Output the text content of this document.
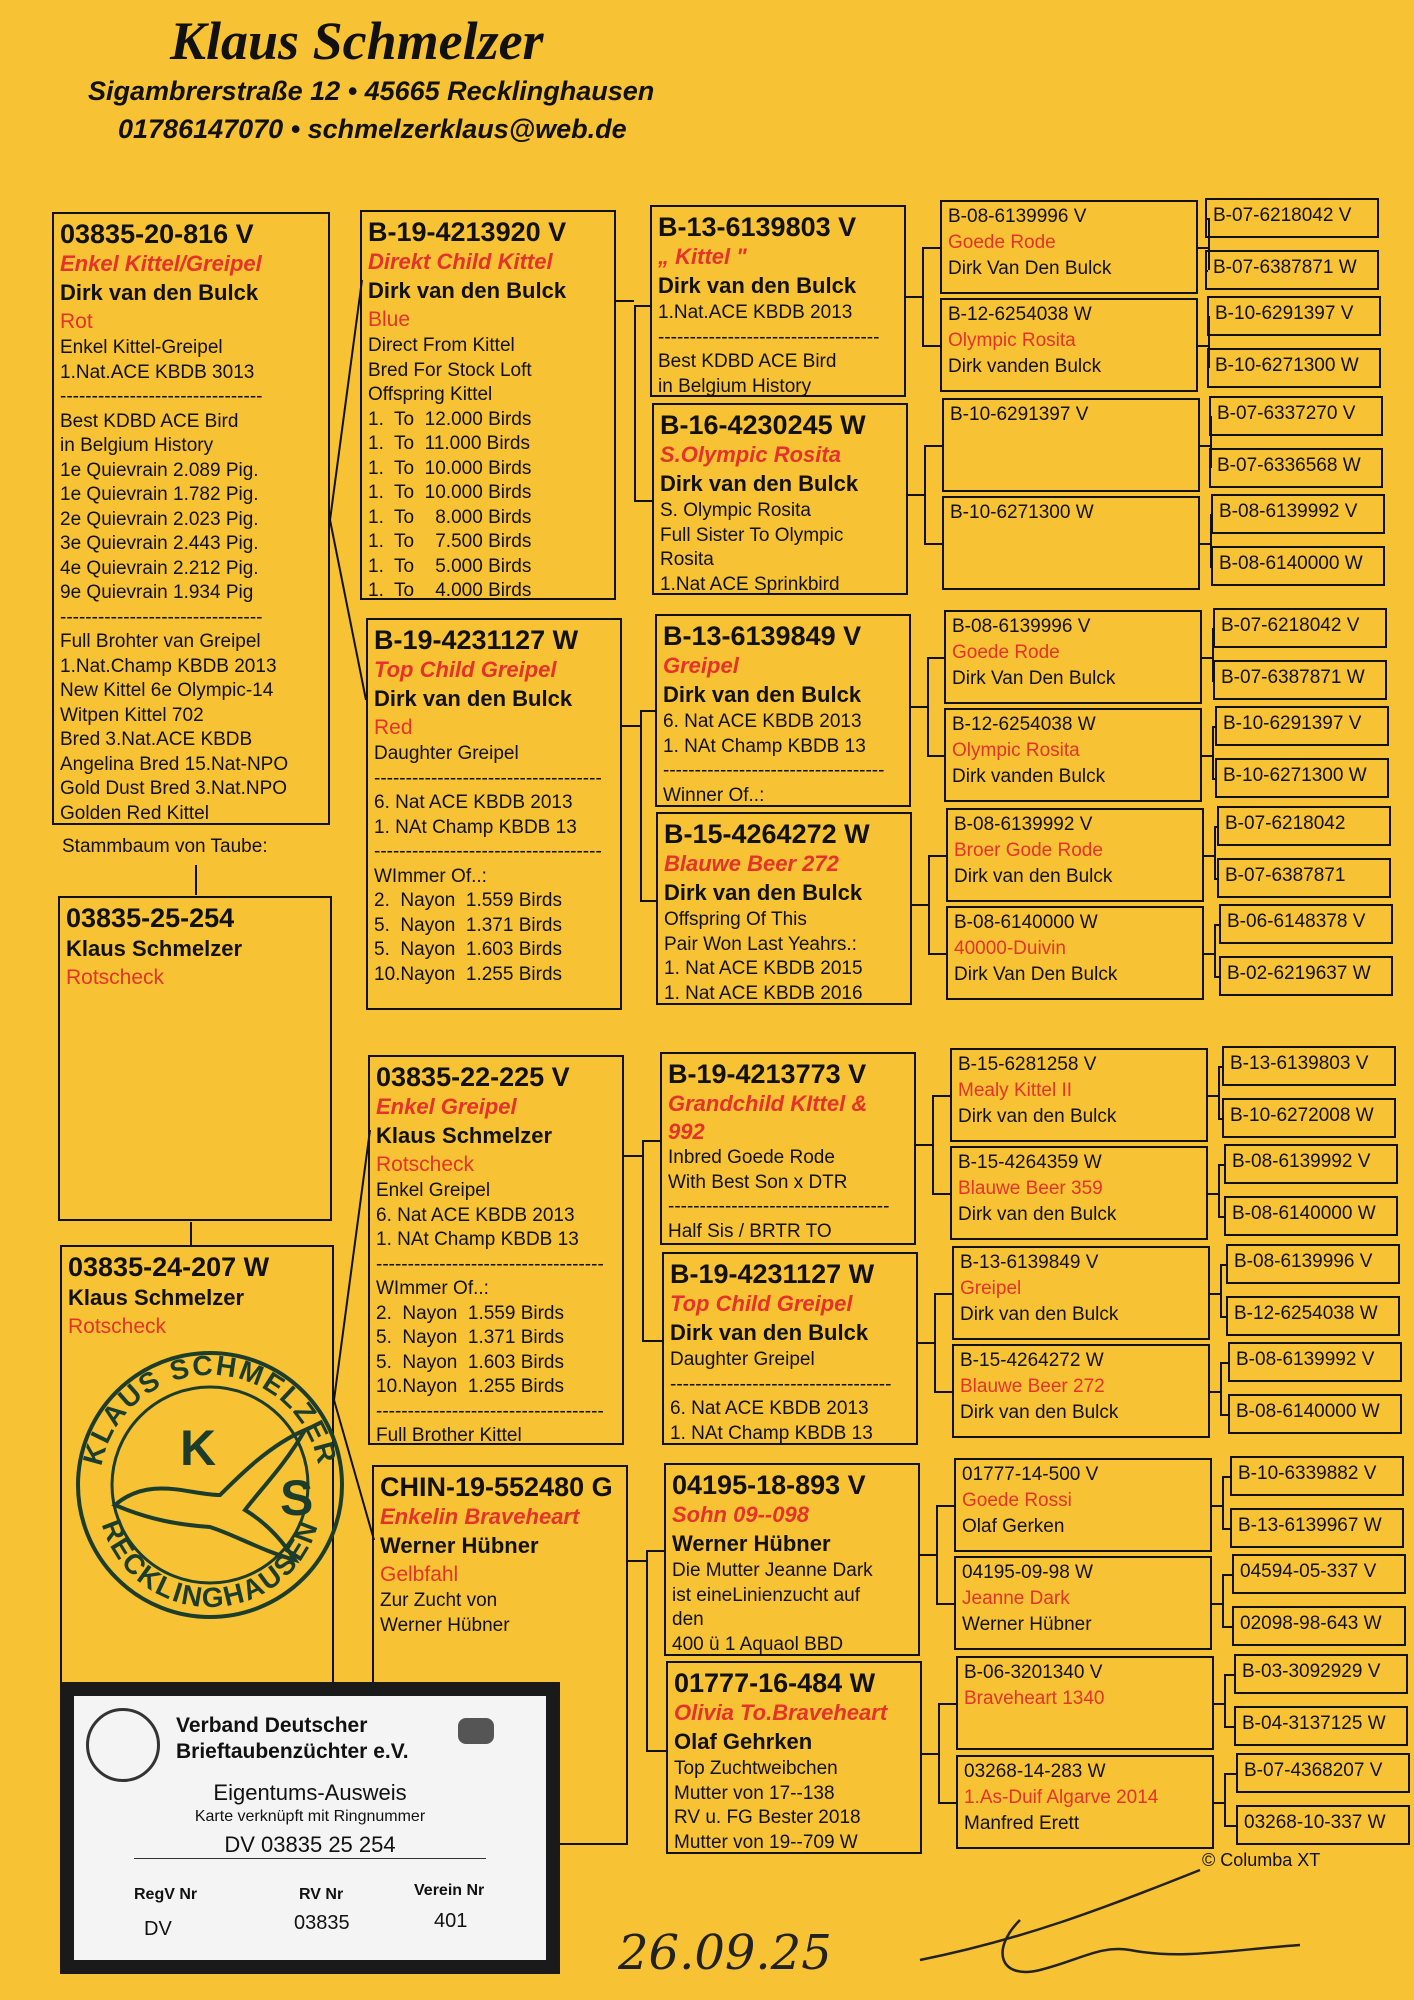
Klaus Schmelzer
Sigambrerstraße 12 • 45665 Recklinghausen
01786147070 • schmelzerklaus@web.de
03835-20-816 V
Enkel Kittel/Greipel
Dirk van den Bulck
Rot
Enkel Kittel-Greipel
1.Nat.ACE KBDB 3013
--------------------------------
Best KDBD ACE Bird
in Belgium History
1e Quievrain 2.089 Pig.
1e Quievrain 1.782 Pig.
2e Quievrain 2.023 Pig.
3e Quievrain 2.443 Pig.
4e Quievrain 2.212 Pig.
9e Quievrain 1.934 Pig
--------------------------------
Full Brohter van Greipel
1.Nat.Champ KBDB 2013
New Kittel 6e Olympic-14
Witpen Kittel 702
Bred 3.Nat.ACE KBDB
Angelina Bred 15.Nat-NPO
Gold Dust Bred 3.Nat.NPO
Golden Red Kittel
Stammbaum von Taube:
03835-25-254
Klaus Schmelzer
Rotscheck
03835-24-207 W
Klaus Schmelzer
Rotscheck
B-19-4213920 V
Direkt Child Kittel
Dirk van den Bulck
Blue
Direct From Kittel
Bred For Stock Loft
Offspring Kittel
1.  To  12.000 Birds
1.  To  11.000 Birds
1.  To  10.000 Birds
1.  To  10.000 Birds
1.  To    8.000 Birds
1.  To    7.500 Birds
1.  To    5.000 Birds
1.  To    4.000 Birds
B-19-4231127 W
Top Child Greipel
Dirk van den Bulck
Red
Daughter Greipel
------------------------------------
6. Nat ACE KBDB 2013
1. NAt Champ KBDB 13
------------------------------------
WImmer Of..:
2.  Nayon  1.559 Birds
5.  Nayon  1.371 Birds
5.  Nayon  1.603 Birds
10.Nayon  1.255 Birds
03835-22-225 V
Enkel Greipel
Klaus Schmelzer
Rotscheck
Enkel Greipel
6. Nat ACE KBDB 2013
1. NAt Champ KBDB 13
------------------------------------
WImmer Of..:
2.  Nayon  1.559 Birds
5.  Nayon  1.371 Birds
5.  Nayon  1.603 Birds
10.Nayon  1.255 Birds
------------------------------------
Full Brother Kittel
CHIN-19-552480 G
Enkelin Braveheart
Werner Hübner
Gelbfahl
Zur Zucht von
Werner Hübner
B-13-6139803 V
„ Kittel "
Dirk van den Bulck
1.Nat.ACE KBDB 2013
-----------------------------------
Best KDBD ACE Bird
in Belgium History
B-16-4230245 W
S.Olympic Rosita
Dirk van den Bulck
S. Olympic Rosita
Full Sister To Olympic
Rosita
1.Nat ACE Sprinkbird
B-13-6139849 V
Greipel
Dirk van den Bulck
6. Nat ACE KBDB 2013
1. NAt Champ KBDB 13
-----------------------------------
Winner Of..:
B-15-4264272 W
Blauwe Beer 272
Dirk van den Bulck
Offspring Of This
Pair Won Last Yeahrs.:
1. Nat ACE KBDB 2015
1. Nat ACE KBDB 2016
B-19-4213773 V
Grandchild KIttel &
992
Inbred Goede Rode
With Best Son x DTR
-----------------------------------
Half Sis / BRTR TO
B-19-4231127 W
Top Child Greipel
Dirk van den Bulck
Daughter Greipel
-----------------------------------
6. Nat ACE KBDB 2013
1. NAt Champ KBDB 13
04195-18-893 V
Sohn 09--098
Werner Hübner
Die Mutter Jeanne Dark
ist eineLinienzucht auf
den
400 ü 1 Aquaol BBD
01777-16-484 W
Olivia To.Braveheart
Olaf Gehrken
Top Zuchtweibchen
Mutter von 17--138
RV u. FG Bester 2018
Mutter von 19--709 W
B-08-6139996 V
Goede Rode
Dirk Van Den Bulck
B-12-6254038 W
Olympic Rosita
Dirk vanden Bulck
B-10-6291397 V
B-10-6271300 W
B-08-6139996 V
Goede Rode
Dirk Van Den Bulck
B-12-6254038 W
Olympic Rosita
Dirk vanden Bulck
B-08-6139992 V
Broer Gode Rode
Dirk van den Bulck
B-08-6140000 W
40000-Duivin
Dirk Van Den Bulck
B-15-6281258 V
Mealy Kittel II
Dirk van den Bulck
B-15-4264359 W
Blauwe Beer 359
Dirk van den Bulck
B-13-6139849 V
Greipel
Dirk van den Bulck
B-15-4264272 W
Blauwe Beer 272
Dirk van den Bulck
01777-14-500 V
Goede Rossi
Olaf Gerken
04195-09-98 W
Jeanne Dark
Werner Hübner
B-06-3201340 V
Braveheart 1340
03268-14-283 W
1.As-Duif Algarve 2014
Manfred Erett
B-07-6218042 V
B-07-6387871 W
B-10-6291397 V
B-10-6271300 W
B-07-6337270 V
B-07-6336568 W
B-08-6139992 V
B-08-6140000 W
B-07-6218042 V
B-07-6387871 W
B-10-6291397 V
B-10-6271300 W
B-07-6218042
B-07-6387871
B-06-6148378 V
B-02-6219637 W
B-13-6139803 V
B-10-6272008 W
B-08-6139992 V
B-08-6140000 W
B-08-6139996 V
B-12-6254038 W
B-08-6139992 V
B-08-6140000 W
B-10-6339882 V
B-13-6139967 W
04594-05-337 V
02098-98-643 W
B-03-3092929 V
B-04-3137125 W
B-07-4368207 V
03268-10-337 W
KLAUS SCHMELZER
RECKLINGHAUSEN
K
S
Verband Deutscher
Brieftaubenzüchter e.V.
Eigentums-Ausweis
Karte verknüpft mit Ringnummer
DV 03835 25 254
RegV Nr	RV Nr	Verein Nr
DV	03835	401
© Columba XT
26.09.25
